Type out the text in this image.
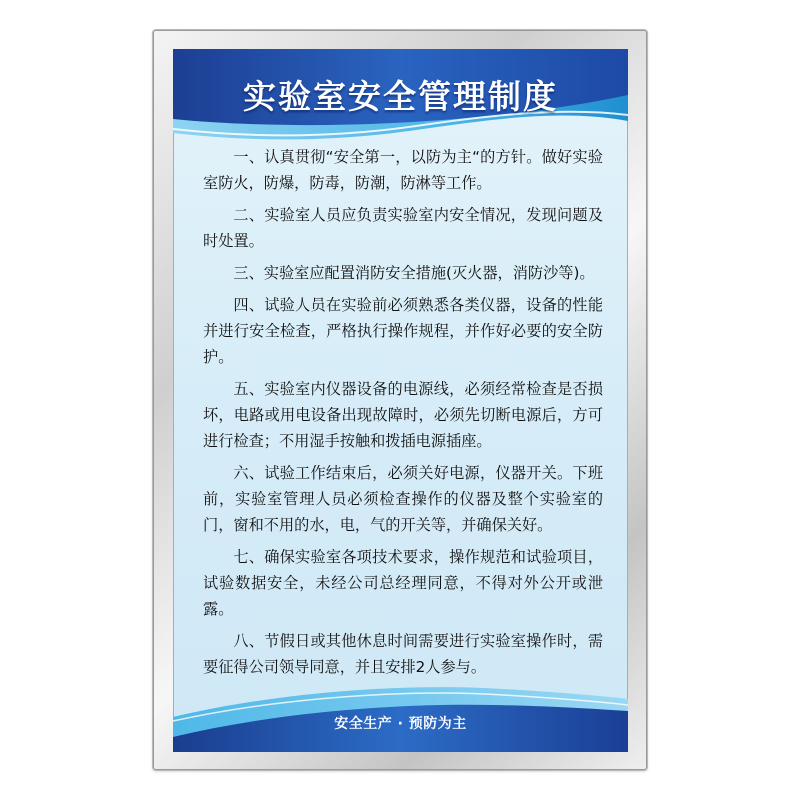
实验室安全管理制度

一、认真贯彻“安全第一，以防为主“的方针。做好实验室防火，防爆，防毒，防潮，防淋等工作。

二、实验室人员应负责实验室内安全情况，发现问题及时处置。

三、实验室应配置消防安全措施(灭火器，消防沙等)。

四、试验人员在实验前必须熟悉各类仪器，设备的性能并进行安全检查，严格执行操作规程，并作好必要的安全防护。

五、实验室内仪器设备的电源线，必须经常检查是否损坏，电路或用电设备出现故障时，必须先切断电源后，方可进行检查；不用湿手按触和拨插电源插座。

六、试验工作结束后，必须关好电源，仪器开关。下班前，实验室管理人员必须检查操作的仪器及整个实验室的门，窗和不用的水，电，气的开关等，并确保关好。

七、确保实验室各项技术要求，操作规范和试验项目，试验数据安全，未经公司总经理同意，不得对外公开或泄露。

八、节假日或其他休息时间需要进行实验室操作时，需要征得公司领导同意，并且安排2人参与。

安全生产 · 预防为主
